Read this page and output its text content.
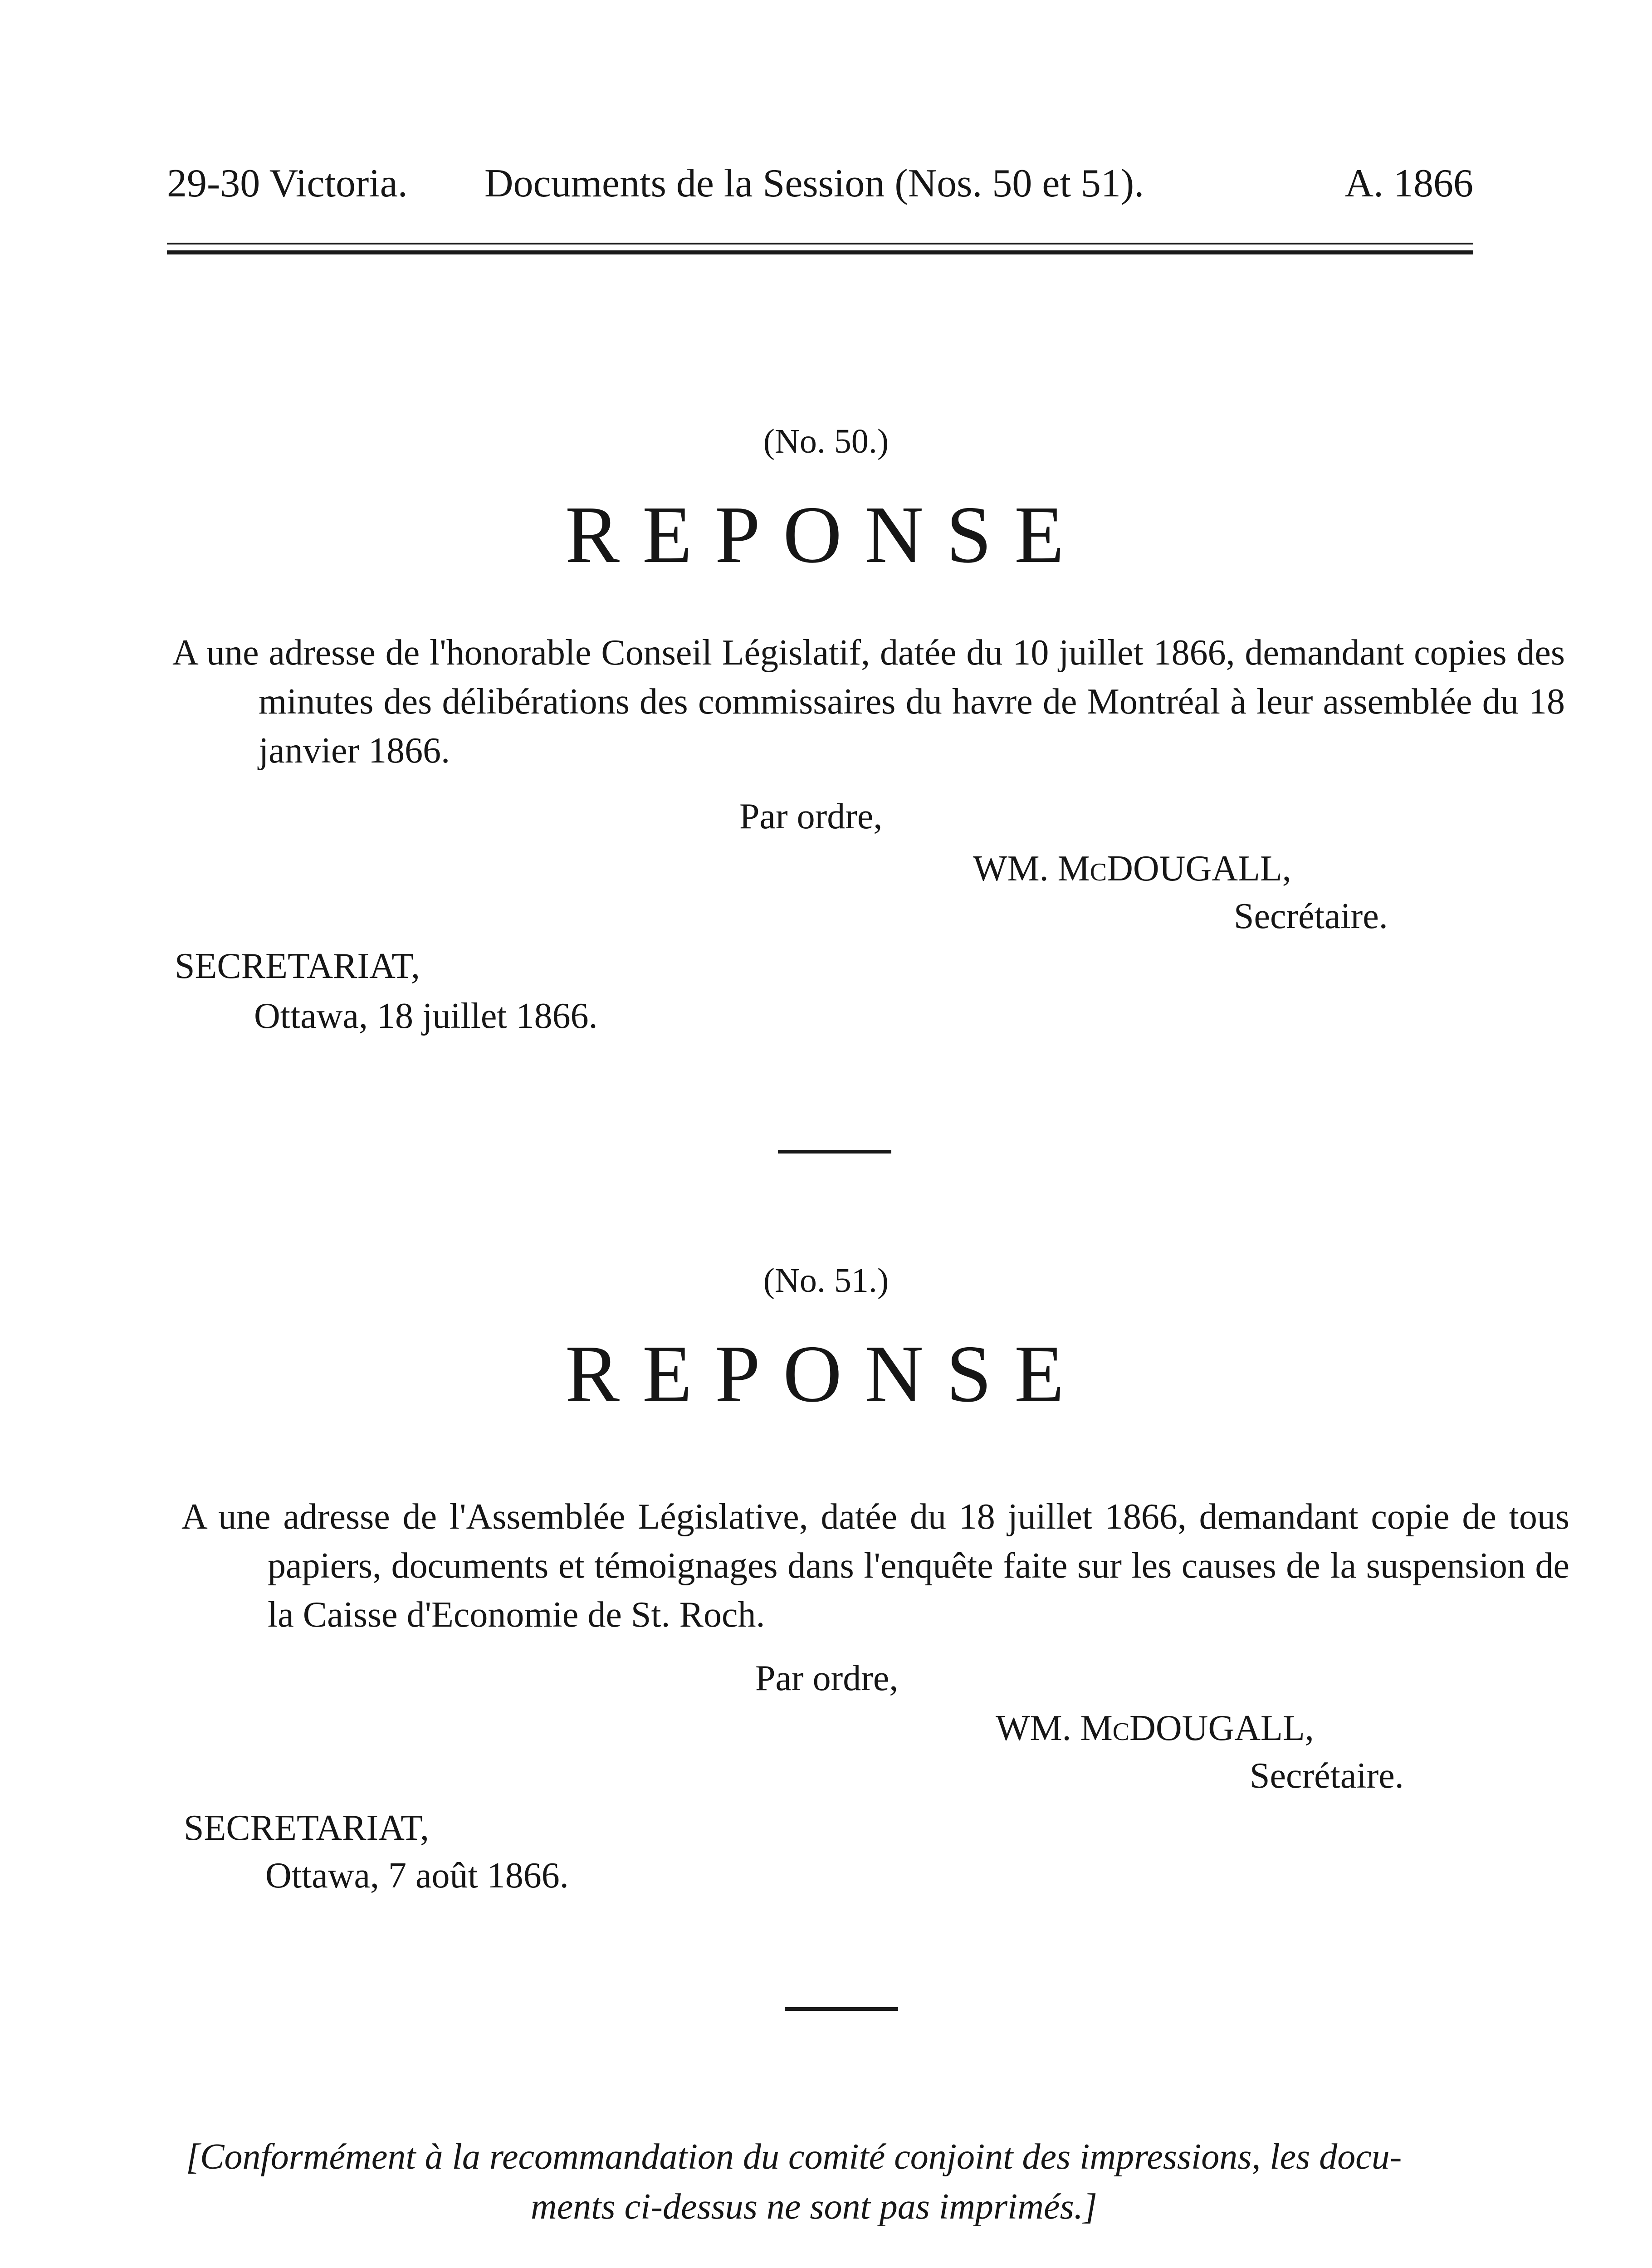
29-30 Victoria. Documents de la Session (Nos. 50 et 51).	A. 1866
(No. 50.)
REPONSE
A une adresse de l'honorable Conseil Législatif, datée du 10 juillet 1866, demandant copies des minutes des délibérations des commissaires du havre de Montréal à leur assemblée du 18 janvier 1866.
Par ordre,
WM. McDOUGALL,
Secrétaire.
SECRETARIAT,
Ottawa, 18 juillet 1866.
(No. 51.)
REPONSE
A une adresse de l'Assemblée Législative, datée du 18 juillet 1866, demandant copie de tous papiers, documents et témoignages dans l'enquête faite sur les causes de la suspension de la Caisse d'Economie de St. Roch.
Par ordre,
WM. McDOUGALL,
Secrétaire.
SECRETARIAT,
Ottawa, 7 août 1866.
[Conformément à la recommandation du comité conjoint des impressions, les docu-
ments ci-dessus ne sont pas imprimés.]
